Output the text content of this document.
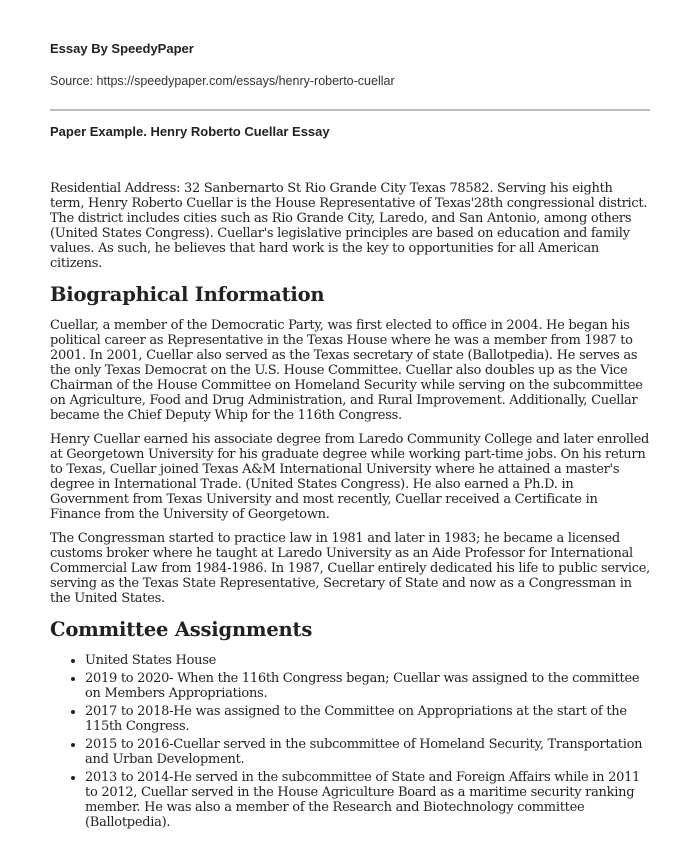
Essay By SpeedyPaper

Source: https://speedypaper.com/essays/henry-roberto-cuellar

Paper Example. Henry Roberto Cuellar Essay

Residential Address: 32 Sanbernarto St Rio Grande City Texas 78582. Serving his eighth term, Henry Roberto Cuellar is the House Representative of Texas'28th congressional district. The district includes cities such as Rio Grande City, Laredo, and San Antonio, among others (United States Congress). Cuellar's legislative principles are based on education and family values. As such, he believes that hard work is the key to opportunities for all American citizens.

Biographical Information

Cuellar, a member of the Democratic Party, was first elected to office in 2004. He began his political career as Representative in the Texas House where he was a member from 1987 to 2001. In 2001, Cuellar also served as the Texas secretary of state (Ballotpedia). He serves as the only Texas Democrat on the U.S. House Committee. Cuellar also doubles up as the Vice Chairman of the House Committee on Homeland Security while serving on the subcommittee on Agriculture, Food and Drug Administration, and Rural Improvement. Additionally, Cuellar became the Chief Deputy Whip for the 116th Congress.

Henry Cuellar earned his associate degree from Laredo Community College and later enrolled at Georgetown University for his graduate degree while working part-time jobs. On his return to Texas, Cuellar joined Texas A&M International University where he attained a master's degree in International Trade. (United States Congress). He also earned a Ph.D. in Government from Texas University and most recently, Cuellar received a Certificate in Finance from the University of Georgetown.

The Congressman started to practice law in 1981 and later in 1983; he became a licensed customs broker where he taught at Laredo University as an Aide Professor for International Commercial Law from 1984-1986. In 1987, Cuellar entirely dedicated his life to public service, serving as the Texas State Representative, Secretary of State and now as a Congressman in the United States.

Committee Assignments
• United States House
• 2019 to 2020- When the 116th Congress began; Cuellar was assigned to the committee on Members Appropriations.
• 2017 to 2018-He was assigned to the Committee on Appropriations at the start of the 115th Congress.
• 2015 to 2016-Cuellar served in the subcommittee of Homeland Security, Transportation and Urban Development.
• 2013 to 2014-He served in the subcommittee of State and Foreign Affairs while in 2011 to 2012, Cuellar served in the House Agriculture Board as a maritime security ranking member. He was also a member of the Research and Biotechnology committee (Ballotpedia).
